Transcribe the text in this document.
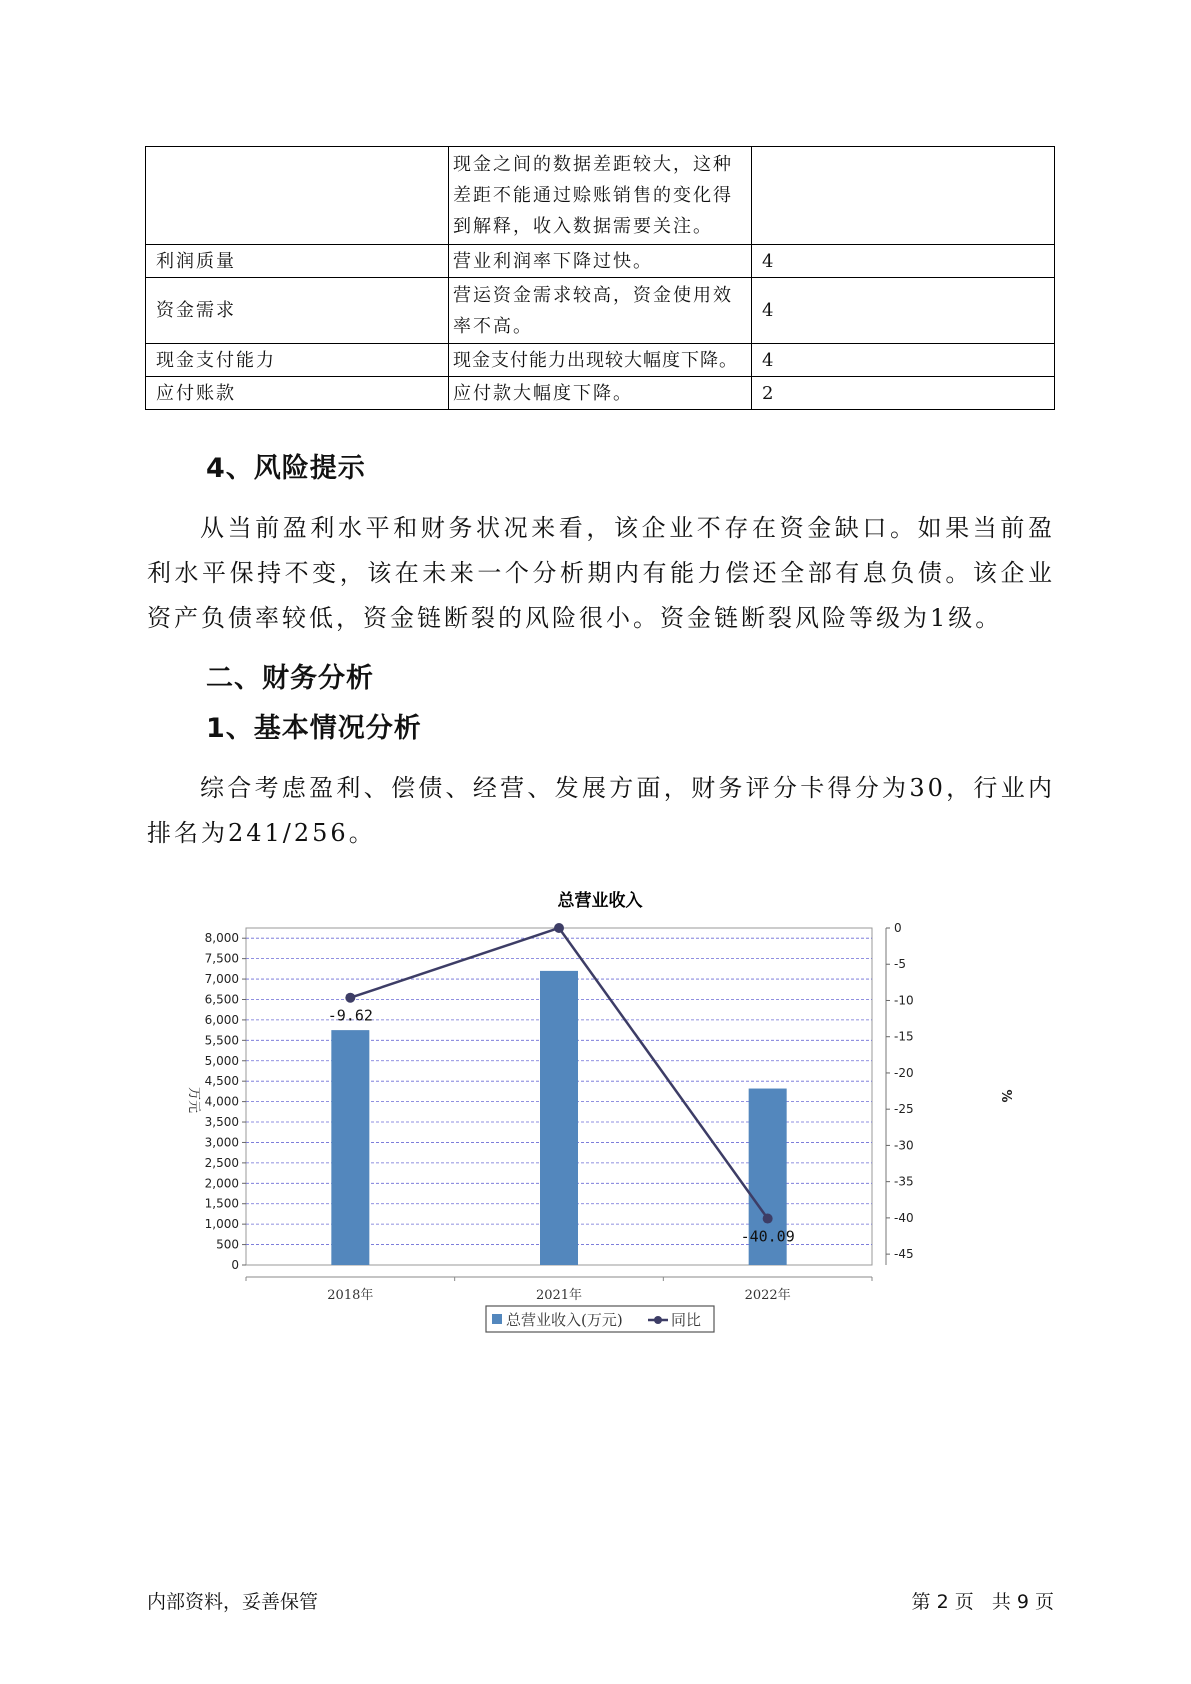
	现金之间的数据差距较大，这种差距不能通过赊账销售的变化得到解释，收入数据需要关注。	
利润质量	营业利润率下降过快。	4
资金需求	营运资金需求较高，资金使用效率不高。	4
现金支付能力	现金支付能力出现较大幅度下降。	4
应付账款	应付款大幅度下降。	2
4、风险提示

从当前盈利水平和财务状况来看，该企业不存在资金缺口。如果当前盈利水平保持不变，该在未来一个分析期内有能力偿还全部有息负债。该企业资产负债率较低，资金链断裂的风险很小。资金链断裂风险等级为1级。

二、财务分析
1、基本情况分析

综合考虑盈利、偿债、经营、发展方面，财务评分卡得分为30，行业内排名为241/256。

总营业收入
-9.62
-40.09
0
500
1,000
1,500
2,000
2,500
3,000
3,500
4,000
4,500
5,000
5,500
6,000
6,500
7,000
7,500
8,000
0
-5
-10
-15
-20
-25
-30
-35
-40
-45
2018年	2021年	2022年
万元	%
总营业收入(万元)	同比

内部资料，妥善保管	第 2 页   共 9 页
